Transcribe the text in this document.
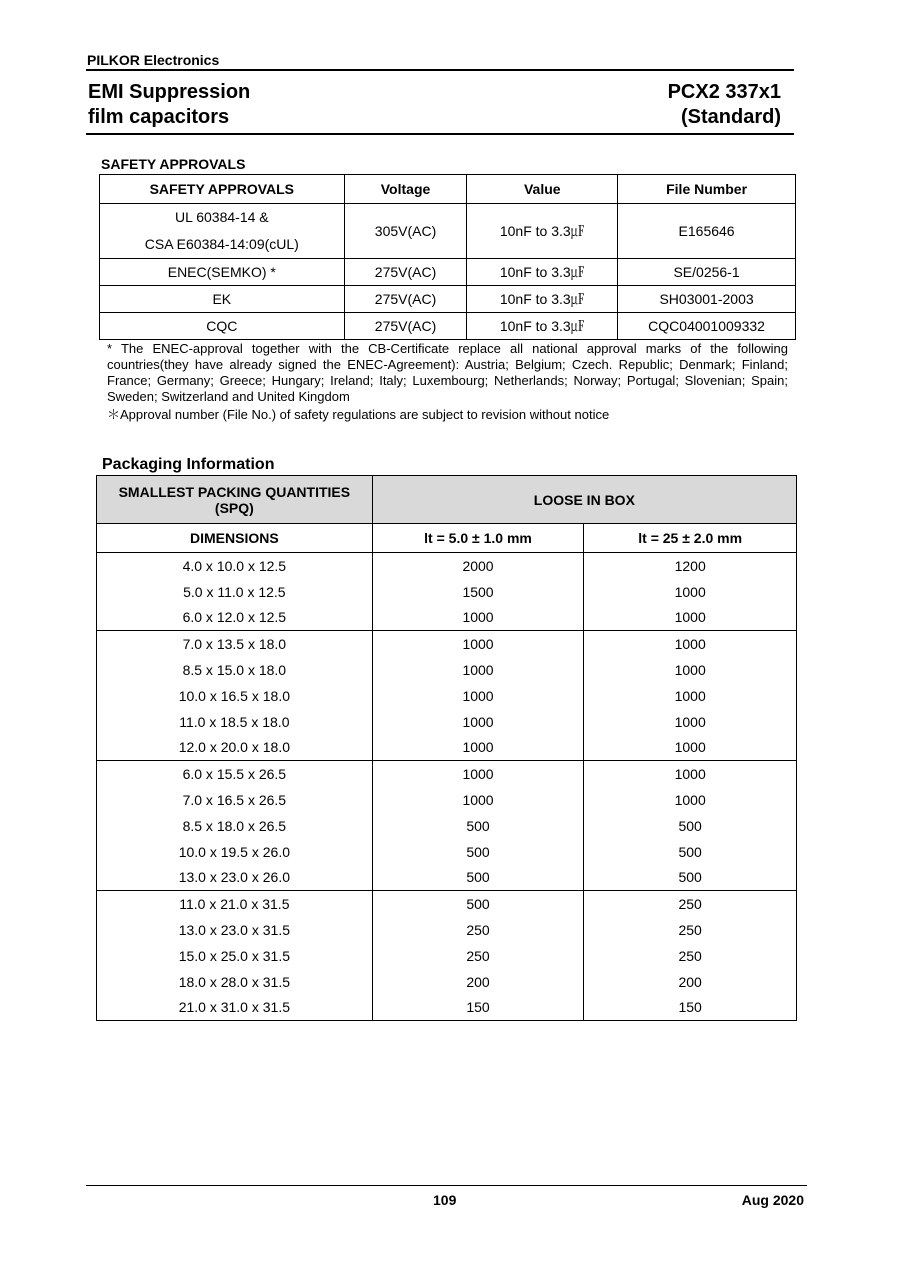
PILKOR Electronics
EMI Suppression
film capacitors
PCX2 337x1
(Standard)
SAFETY APPROVALS
SAFETY APPROVALS	Voltage	Value	File Number

UL 60384-14 &
CSA E60384-14:09(cUL)	305V(AC)	10nF to 3.3㎌	E165646
ENEC(SEMKO) *	275V(AC)	10nF to 3.3㎌	SE/0256-1
EK	275V(AC)	10nF to 3.3㎌	SH03001-2003
CQC	275V(AC)	10nF to 3.3㎌	CQC04001009332
* The ENEC-approval together with the CB-Certificate replace all national approval marks of the following countries(they have already signed the ENEC-Agreement): Austria; Belgium; Czech. Republic; Denmark; Finland; France; Germany; Greece; Hungary; Ireland; Italy; Luxembourg; Netherlands; Norway; Portugal; Slovenian; Spain; Sweden; Switzerland and United Kingdom
＊Approval number (File No.) of safety regulations are subject to revision without notice
Packaging Information
SMALLEST PACKING QUANTITIES (SPQ)	LOOSE IN BOX	
DIMENSIONS	lt = 5.0 ± 1.0 mm	lt = 25 ± 2.0 mm
4.0 x 10.0 x 12.5	2000	1200
5.0 x 11.0 x 12.5	1500	1000
6.0 x 12.0 x 12.5	1000	1000
7.0 x 13.5 x 18.0	1000	1000
8.5 x 15.0 x 18.0	1000	1000
10.0 x 16.5 x 18.0	1000	1000
11.0 x 18.5 x 18.0	1000	1000
12.0 x 20.0 x 18.0	1000	1000
6.0 x 15.5 x 26.5	1000	1000
7.0 x 16.5 x 26.5	1000	1000
8.5 x 18.0 x 26.5	500	500
10.0 x 19.5 x 26.0	500	500
13.0 x 23.0 x 26.0	500	500
11.0 x 21.0 x 31.5	500	250
13.0 x 23.0 x 31.5	250	250
15.0 x 25.0 x 31.5	250	250
18.0 x 28.0 x 31.5	200	200
21.0 x 31.0 x 31.5	150	150
109	Aug 2020
